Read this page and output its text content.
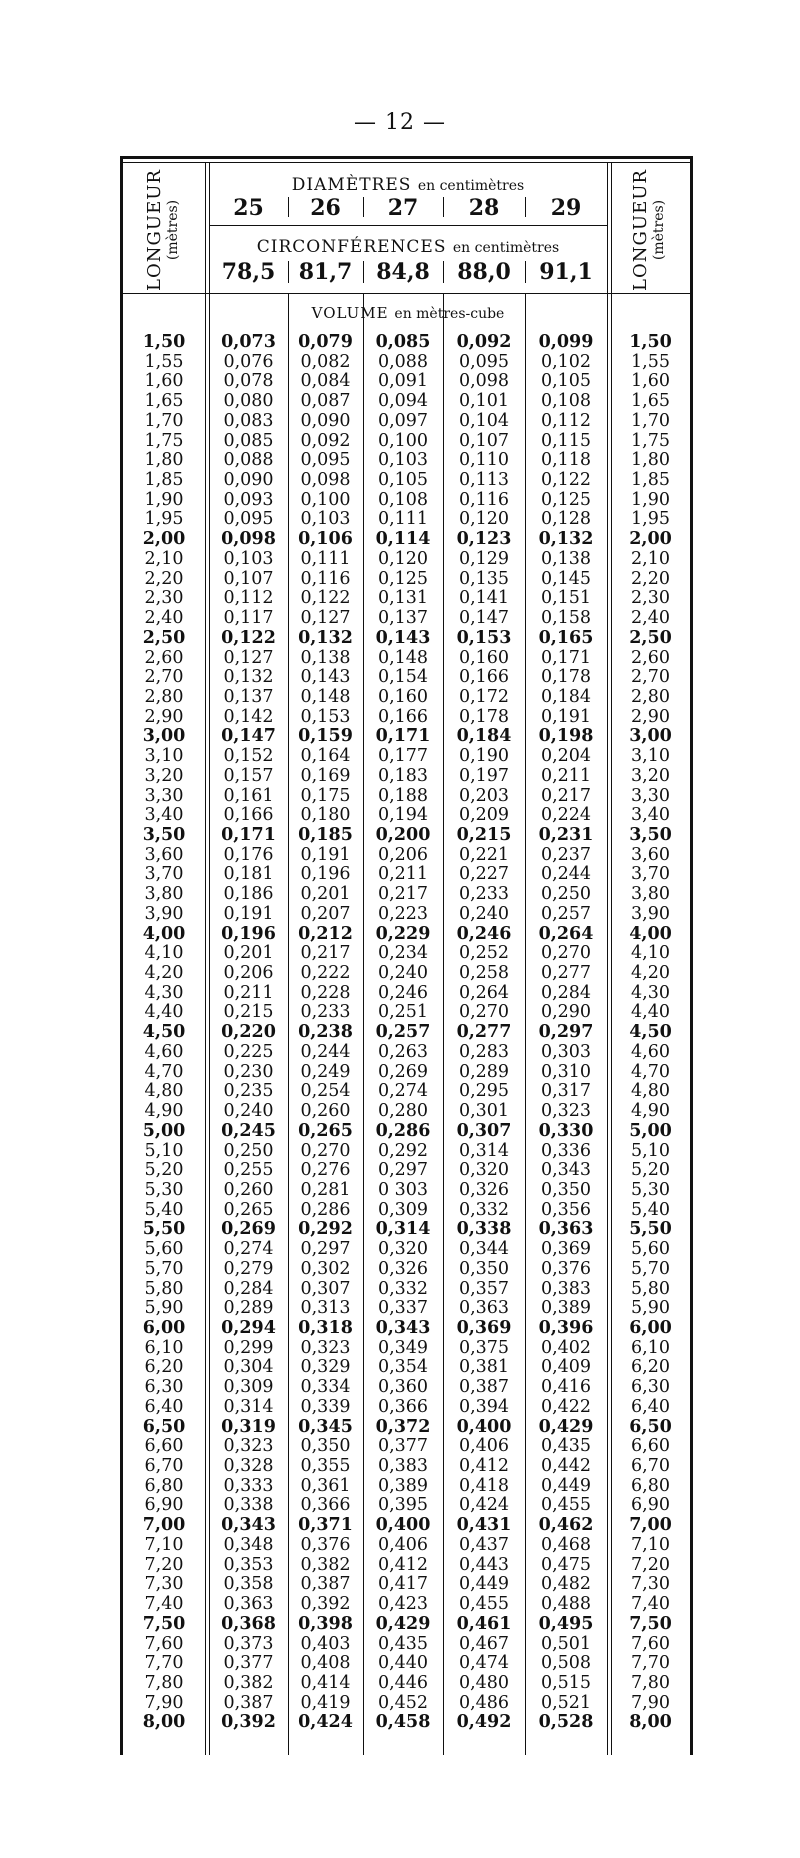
— 12 —
LONGUEUR (mètres)	LONGUEUR (mètres)
DIAMÈTRES en centimètres
25	26	27	28	29
CIRCONFÉRENCES en centimètres
78,5	81,7	84,8	88,0	91,1
VOLUME en mètres-cube
1,50	0,073	0,079	0,085	0,092	0,099	1,50
1,55	0,076	0,082	0,088	0,095	0,102	1,55
1,60	0,078	0,084	0,091	0,098	0,105	1,60
1,65	0,080	0,087	0,094	0,101	0,108	1,65
1,70	0,083	0,090	0,097	0,104	0,112	1,70
1,75	0,085	0,092	0,100	0,107	0,115	1,75
1,80	0,088	0,095	0,103	0,110	0,118	1,80
1,85	0,090	0,098	0,105	0,113	0,122	1,85
1,90	0,093	0,100	0,108	0,116	0,125	1,90
1,95	0,095	0,103	0,111	0,120	0,128	1,95
2,00	0,098	0,106	0,114	0,123	0,132	2,00
2,10	0,103	0,111	0,120	0,129	0,138	2,10
2,20	0,107	0,116	0,125	0,135	0,145	2,20
2,30	0,112	0,122	0,131	0,141	0,151	2,30
2,40	0,117	0,127	0,137	0,147	0,158	2,40
2,50	0,122	0,132	0,143	0,153	0,165	2,50
2,60	0,127	0,138	0,148	0,160	0,171	2,60
2,70	0,132	0,143	0,154	0,166	0,178	2,70
2,80	0,137	0,148	0,160	0,172	0,184	2,80
2,90	0,142	0,153	0,166	0,178	0,191	2,90
3,00	0,147	0,159	0,171	0,184	0,198	3,00
3,10	0,152	0,164	0,177	0,190	0,204	3,10
3,20	0,157	0,169	0,183	0,197	0,211	3,20
3,30	0,161	0,175	0,188	0,203	0,217	3,30
3,40	0,166	0,180	0,194	0,209	0,224	3,40
3,50	0,171	0,185	0,200	0,215	0,231	3,50
3,60	0,176	0,191	0,206	0,221	0,237	3,60
3,70	0,181	0,196	0,211	0,227	0,244	3,70
3,80	0,186	0,201	0,217	0,233	0,250	3,80
3,90	0,191	0,207	0,223	0,240	0,257	3,90
4,00	0,196	0,212	0,229	0,246	0,264	4,00
4,10	0,201	0,217	0,234	0,252	0,270	4,10
4,20	0,206	0,222	0,240	0,258	0,277	4,20
4,30	0,211	0,228	0,246	0,264	0,284	4,30
4,40	0,215	0,233	0,251	0,270	0,290	4,40
4,50	0,220	0,238	0,257	0,277	0,297	4,50
4,60	0,225	0,244	0,263	0,283	0,303	4,60
4,70	0,230	0,249	0,269	0,289	0,310	4,70
4,80	0,235	0,254	0,274	0,295	0,317	4,80
4,90	0,240	0,260	0,280	0,301	0,323	4,90
5,00	0,245	0,265	0,286	0,307	0,330	5,00
5,10	0,250	0,270	0,292	0,314	0,336	5,10
5,20	0,255	0,276	0,297	0,320	0,343	5,20
5,30	0,260	0,281	0 303	0,326	0,350	5,30
5,40	0,265	0,286	0,309	0,332	0,356	5,40
5,50	0,269	0,292	0,314	0,338	0,363	5,50
5,60	0,274	0,297	0,320	0,344	0,369	5,60
5,70	0,279	0,302	0,326	0,350	0,376	5,70
5,80	0,284	0,307	0,332	0,357	0,383	5,80
5,90	0,289	0,313	0,337	0,363	0,389	5,90
6,00	0,294	0,318	0,343	0,369	0,396	6,00
6,10	0,299	0,323	0,349	0,375	0,402	6,10
6,20	0,304	0,329	0,354	0,381	0,409	6,20
6,30	0,309	0,334	0,360	0,387	0,416	6,30
6,40	0,314	0,339	0,366	0,394	0,422	6,40
6,50	0,319	0,345	0,372	0,400	0,429	6,50
6,60	0,323	0,350	0,377	0,406	0,435	6,60
6,70	0,328	0,355	0,383	0,412	0,442	6,70
6,80	0,333	0,361	0,389	0,418	0,449	6,80
6,90	0,338	0,366	0,395	0,424	0,455	6,90
7,00	0,343	0,371	0,400	0,431	0,462	7,00
7,10	0,348	0,376	0,406	0,437	0,468	7,10
7,20	0,353	0,382	0,412	0,443	0,475	7,20
7,30	0,358	0,387	0,417	0,449	0,482	7,30
7,40	0,363	0,392	0,423	0,455	0,488	7,40
7,50	0,368	0,398	0,429	0,461	0,495	7,50
7,60	0,373	0,403	0,435	0,467	0,501	7,60
7,70	0,377	0,408	0,440	0,474	0,508	7,70
7,80	0,382	0,414	0,446	0,480	0,515	7,80
7,90	0,387	0,419	0,452	0,486	0,521	7,90
8,00	0,392	0,424	0,458	0,492	0,528	8,00
